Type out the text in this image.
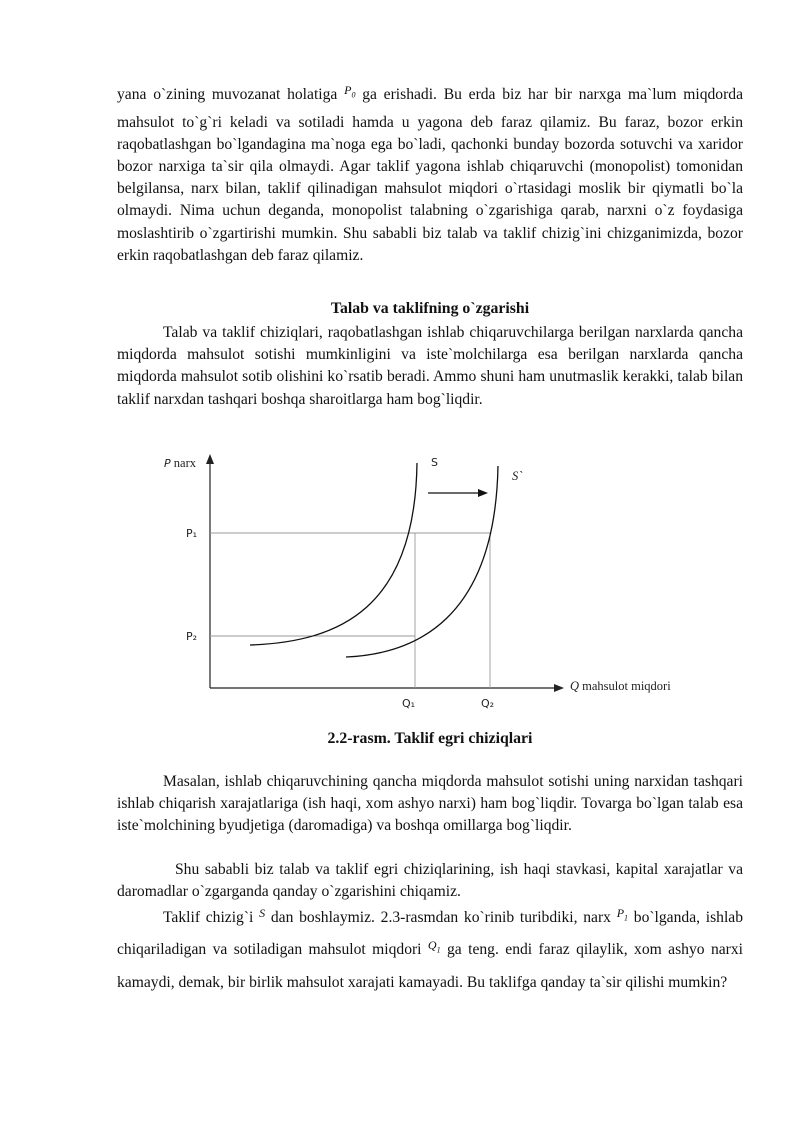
yana o`zining muvozanat holatiga $^{P_0}$ ga erishadi. Bu erda biz har bir narxga ma`lum miqdorda mahsulot to`g`ri keladi va sotiladi hamda u yagona deb faraz qilamiz. Bu faraz, bozor erkin raqobatlashgan bo`lgandagina ma`noga ega bo`ladi, qachonki bunday bozorda sotuvchi va xaridor bozor narxiga ta`sir qila olmaydi. Agar taklif yagona ishlab chiqaruvchi (monopolist) tomonidan belgilansa, narx bilan, taklif qilinadigan mahsulot miqdori o`rtasidagi moslik bir qiymatli bo`la olmaydi. Nima uchun deganda, monopolist talabning o`zgarishiga qarab, narxni o`z foydasiga moslashtirib o`zgartirishi mumkin. Shu sababli biz talab va taklif chizig`ini chizganimizda, bozor erkin raqobatlashgan deb faraz qilamiz.

Talab va taklifning o`zgarishi

Talab va taklif chiziqlari, raqobatlashgan ishlab chiqaruvchilarga berilgan narxlarda qancha miqdorda mahsulot sotishi mumkinligini va iste`molchilarga esa berilgan narxlarda qancha miqdorda mahsulot sotib olishini ko`rsatib beradi. Ammo shuni ham unutmaslik kerakki, talab bilan taklif narxdan tashqari boshqa sharoitlarga ham bog`liqdir.

P narx	S
S`
P₁
P₂
Q₁	Q₂
Q mahsulot miqdori
2.2-rasm. Taklif egri chiziqlari

Masalan, ishlab chiqaruvchining qancha miqdorda mahsulot sotishi uning narxidan tashqari ishlab chiqarish xarajatlariga (ish haqi, xom ashyo narxi) ham bog`liqdir. Tovarga bo`lgan talab esa iste`molchining byudjetiga (daromadiga) va boshqa omillarga bog`liqdir.

Shu sababli biz talab va taklif egri chiziqlarining, ish haqi stavkasi, kapital xarajatlar va daromadlar o`zgarganda qanday o`zgarishini chiqamiz.

Taklif chizig`i $^S$ dan boshlaymiz. 2.3-rasmdan ko`rinib turibdiki, narx $^{P_1}$ bo`lganda, ishlab chiqariladigan va sotiladigan mahsulot miqdori $^{Q_1}$ ga teng. endi faraz qilaylik, xom ashyo narxi kamaydi, demak, bir birlik mahsulot xarajati kamayadi. Bu taklifga qanday ta`sir qilishi mumkin?
